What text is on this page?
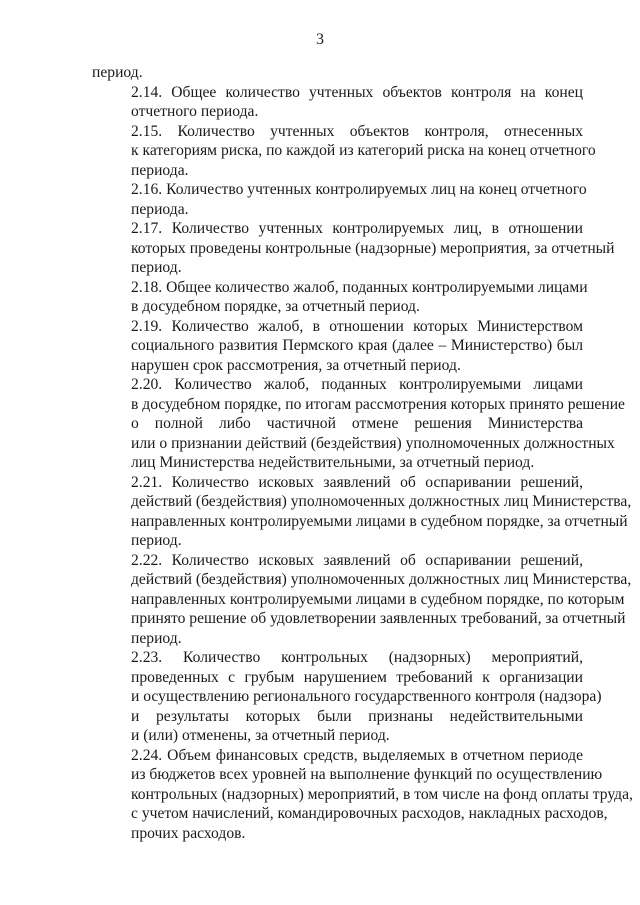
3

период.

2.14. Общее количество учтенных объектов контроля на конец
отчетного периода.

2.15. Количество учтенных объектов контроля, отнесенных
к категориям риска, по каждой из категорий риска на конец отчетного
периода.

2.16. Количество учтенных контролируемых лиц на конец отчетного
периода.

2.17. Количество учтенных контролируемых лиц, в отношении
которых проведены контрольные (надзорные) мероприятия, за отчетный
период.

2.18. Общее количество жалоб, поданных контролируемыми лицами
в досудебном порядке, за отчетный период.

2.19. Количество жалоб, в отношении которых Министерством
социального развития Пермского края (далее – Министерство) был
нарушен срок рассмотрения, за отчетный период.

2.20. Количество жалоб, поданных контролируемыми лицами
в досудебном порядке, по итогам рассмотрения которых принято решение
о полной либо частичной отмене решения Министерства
или о признании действий (бездействия) уполномоченных должностных
лиц Министерства недействительными, за отчетный период.

2.21. Количество исковых заявлений об оспаривании решений,
действий (бездействия) уполномоченных должностных лиц Министерства,
направленных контролируемыми лицами в судебном порядке, за отчетный
период.

2.22. Количество исковых заявлений об оспаривании решений,
действий (бездействия) уполномоченных должностных лиц Министерства,
направленных контролируемыми лицами в судебном порядке, по которым
принято решение об удовлетворении заявленных требований, за отчетный
период.

2.23. Количество контрольных (надзорных) мероприятий,
проведенных с грубым нарушением требований к организации
и осуществлению регионального государственного контроля (надзора)
и результаты которых были признаны недействительными
и (или) отменены, за отчетный период.

2.24. Объем финансовых средств, выделяемых в отчетном периоде
из бюджетов всех уровней на выполнение функций по осуществлению
контрольных (надзорных) мероприятий, в том числе на фонд оплаты труда,
с учетом начислений, командировочных расходов, накладных расходов,
прочих расходов.
